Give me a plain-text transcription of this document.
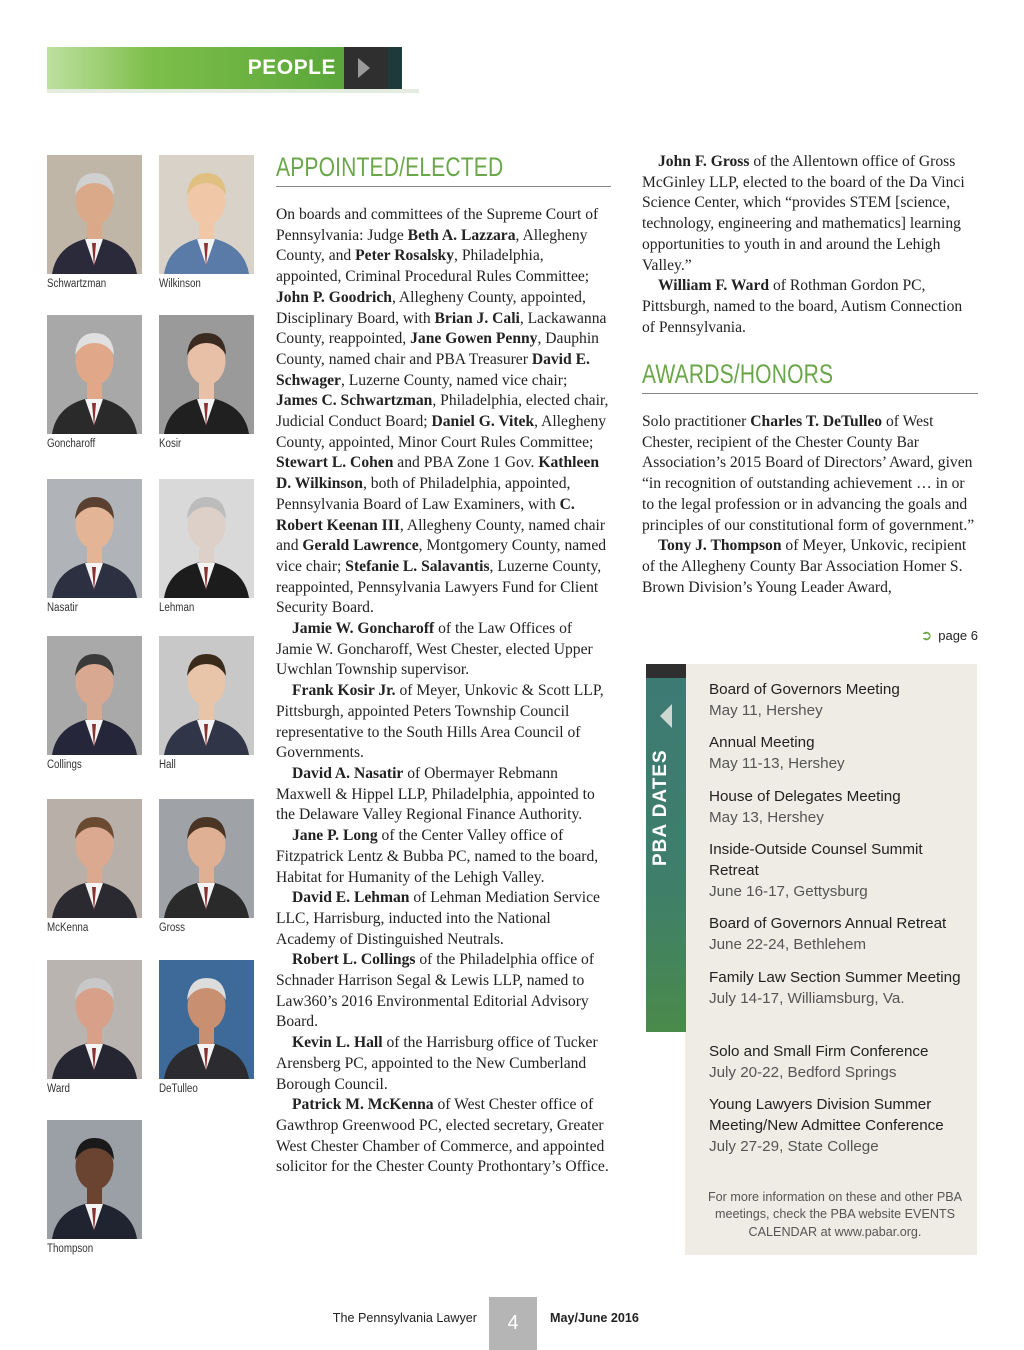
PEOPLE
Schwartzman	Wilkinson
Goncharoff	Kosir
Nasatir	Lehman
Collings	Hall
McKenna	Gross
Ward	DeTulleo
Thompson
APPOINTED/ELECTED

On boards and committees of the Supreme Court of Pennsylvania: Judge Beth A. Lazzara, Allegheny County, and Peter Rosalsky, Philadelphia, appointed, Criminal Procedural Rules Committee; John P. Goodrich, Allegheny County, appointed, Disciplinary Board, with Brian J. Cali, Lackawanna County, reappointed, Jane Gowen Penny, Dauphin County, named chair and PBA Treasurer David E. Schwager, Luzerne County, named vice chair; James C. Schwartzman, Philadelphia, elected chair, Judicial Conduct Board; Daniel G. Vitek, Allegheny County, appointed, Minor Court Rules Committee; Stewart L. Cohen and PBA Zone 1 Gov. Kathleen D. Wilkinson, both of Philadelphia, appointed, Pennsylvania Board of Law Examiners, with C. Robert Keenan III, Allegheny County, named chair and Gerald Lawrence, Montgomery County, named vice chair; Stefanie L. Salavantis, Luzerne County, reappointed, Pennsylvania Lawyers Fund for Client Security Board.

Jamie W. Goncharoff of the Law Offices of Jamie W. Goncharoff, West Chester, elected Upper Uwchlan Township supervisor.

Frank Kosir Jr. of Meyer, Unkovic & Scott LLP, Pittsburgh, appointed Peters Township Council representative to the South Hills Area Council of Governments.

David A. Nasatir of Obermayer Rebmann Maxwell & Hippel LLP, Philadelphia, appointed to the Delaware Valley Regional Finance Authority.

Jane P. Long of the Center Valley office of Fitzpatrick Lentz & Bubba PC, named to the board, Habitat for Humanity of the Lehigh Valley.

David E. Lehman of Lehman Mediation Service LLC, Harrisburg, inducted into the National Academy of Distinguished Neutrals.

Robert L. Collings of the Philadelphia office of Schnader Harrison Segal & Lewis LLP, named to Law360’s 2016 Environmental Editorial Advisory Board.

Kevin L. Hall of the Harrisburg office of Tucker Arensberg PC, appointed to the New Cumberland Borough Council.

Patrick M. McKenna of West Chester office of Gawthrop Greenwood PC, elected secretary, Greater West Chester Chamber of Commerce, and appointed solicitor for the Chester County Prothontary’s Office.

John F. Gross of the Allentown office of Gross McGinley LLP, elected to the board of the Da Vinci Science Center, which “provides STEM [science, technology, engineering and mathematics] learning opportunities to youth in and around the Lehigh Valley.”

William F. Ward of Rothman Gordon PC, Pittsburgh, named to the board, Autism Connection of Pennsylvania.

AWARDS/HONORS

Solo practitioner Charles T. DeTulleo of West Chester, recipient of the Chester County Bar Association’s 2015 Board of Directors’ Award, given “in recognition of outstanding achievement … in or to the legal profession or in advancing the goals and principles of our constitutional form of government.”

Tony J. Thompson of Meyer, Unkovic, recipient of the Allegheny County Bar Association Homer S. Brown Division’s Young Leader Award,

➲ page 6
PBA DATES
Board of Governors Meeting
May 11, Hershey
Annual Meeting
May 11-13, Hershey
House of Delegates Meeting
May 13, Hershey
Inside-Outside Counsel Summit Retreat
June 16-17, Gettysburg
Board of Governors Annual Retreat
June 22-24, Bethlehem
Family Law Section Summer Meeting
July 14-17, Williamsburg, Va.
Solo and Small Firm Conference
July 20-22, Bedford Springs
Young Lawyers Division Summer Meeting/New Admittee Conference
July 27-29, State College
For more information on these and other PBA meetings, check the PBA website EVENTS CALENDAR at www.pabar.org.
The Pennsylvania Lawyer	4	May/June 2016
